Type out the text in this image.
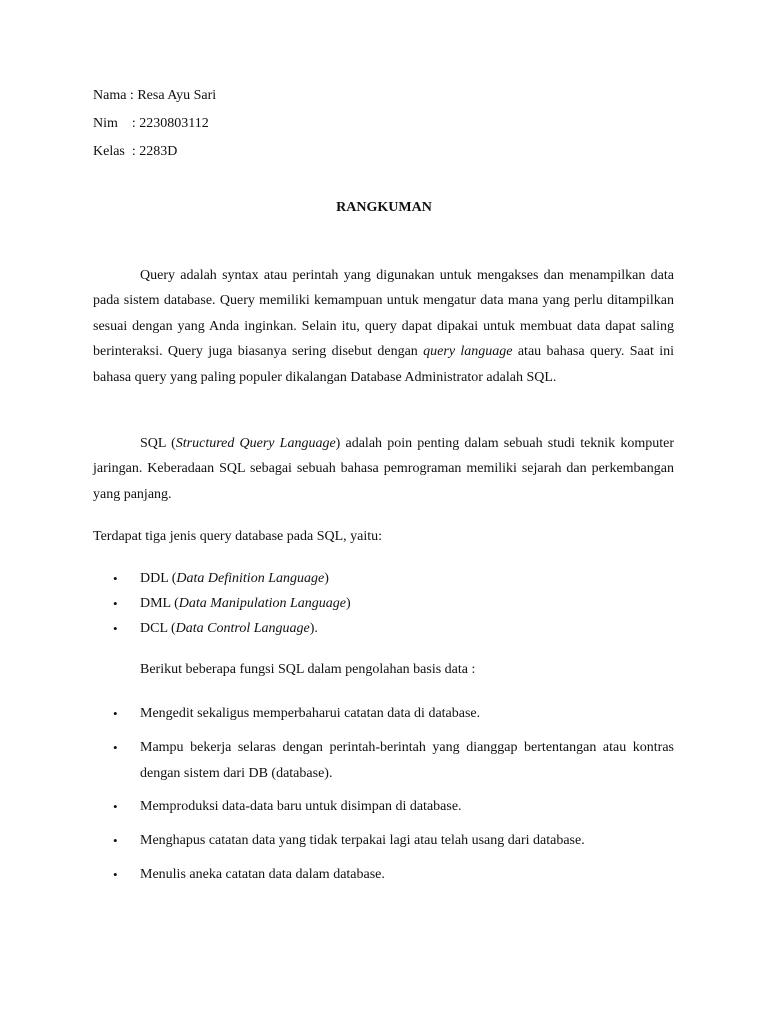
Nama : Resa Ayu Sari
Nim    : 2230803112
Kelas  : 2283D
RANGKUMAN

Query adalah syntax atau perintah yang digunakan untuk mengakses dan menampilkan data pada sistem database. Query memiliki kemampuan untuk mengatur data mana yang perlu ditampilkan sesuai dengan yang Anda inginkan. Selain itu, query dapat dipakai untuk membuat data dapat saling berinteraksi. Query juga biasanya sering disebut dengan query language atau bahasa query. Saat ini bahasa query yang paling populer dikalangan Database Administrator adalah SQL.

SQL (Structured Query Language) adalah poin penting dalam sebuah studi teknik komputer jaringan. Keberadaan SQL sebagai sebuah bahasa pemrograman memiliki sejarah dan perkembangan yang panjang.

Terdapat tiga jenis query database pada SQL, yaitu:
• DDL (Data Definition Language)
• DML (Data Manipulation Language)
• DCL (Data Control Language).
Berikut beberapa fungsi SQL dalam pengolahan basis data :
• Mengedit sekaligus memperbaharui catatan data di database.
• Mampu bekerja selaras dengan perintah-berintah yang dianggap bertentangan atau kontras dengan sistem dari DB (database).

• Memproduksi data-data baru untuk disimpan di database.
• Menghapus catatan data yang tidak terpakai lagi atau telah usang dari database.
• Menulis aneka catatan data dalam database.
